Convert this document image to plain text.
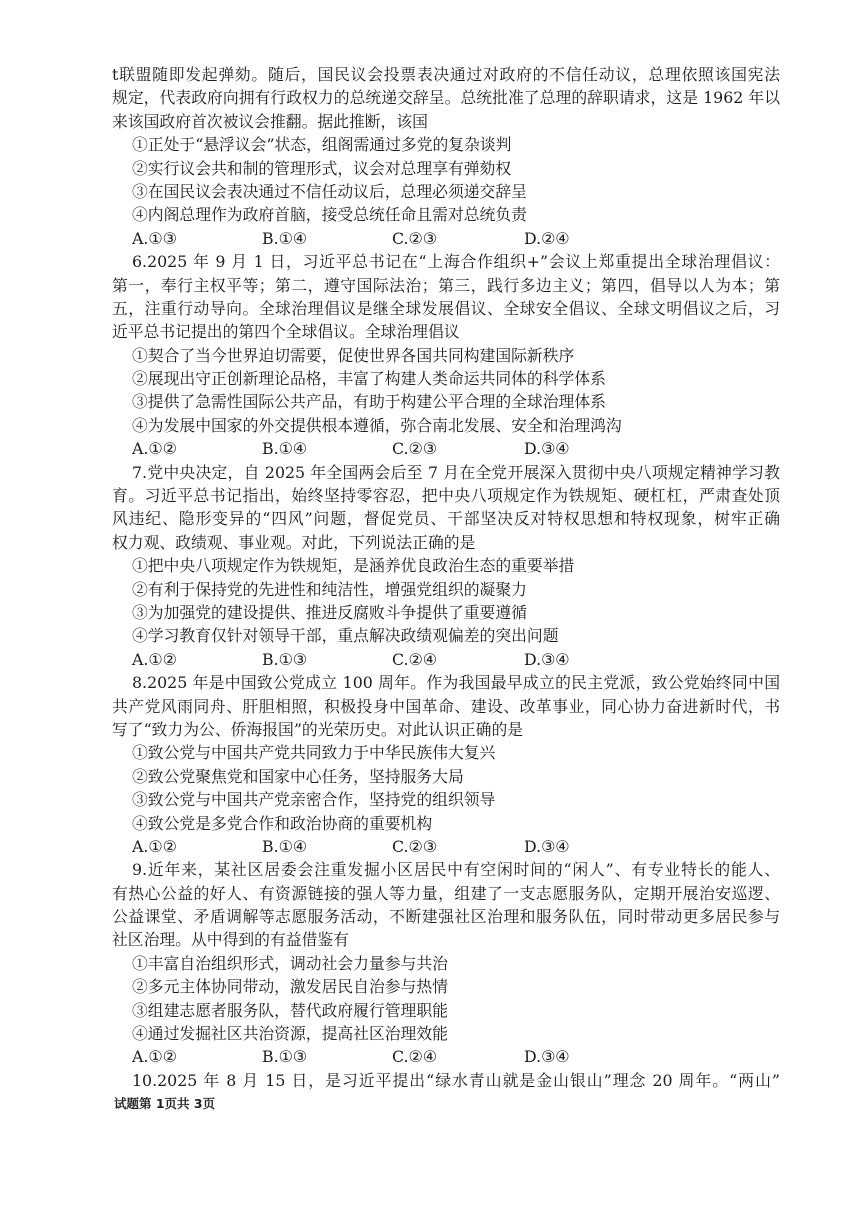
t联盟随即发起弹劾。随后，国民议会投票表决通过对政府的不信任动议，总理依照该国宪法
规定，代表政府向拥有行政权力的总统递交辞呈。总统批准了总理的辞职请求，这是 1962 年以
来该国政府首次被议会推翻。据此推断，该国
①正处于“悬浮议会”状态，组阁需通过多党的复杂谈判
②实行议会共和制的管理形式，议会对总理享有弹劾权
③在国民议会表决通过不信任动议后，总理必须递交辞呈
④内阁总理作为政府首脑，接受总统任命且需对总统负责
A.①③	B.①④	C.②③	D.②④
6.2025 年 9 月 1 日，习近平总书记在“上海合作组织+”会议上郑重提出全球治理倡议：
第一，奉行主权平等；第二，遵守国际法治；第三，践行多边主义；第四，倡导以人为本；第
五，注重行动导向。全球治理倡议是继全球发展倡议、全球安全倡议、全球文明倡议之后，习
近平总书记提出的第四个全球倡议。全球治理倡议
①契合了当今世界迫切需要，促使世界各国共同构建国际新秩序
②展现出守正创新理论品格，丰富了构建人类命运共同体的科学体系
③提供了急需性国际公共产品，有助于构建公平合理的全球治理体系
④为发展中国家的外交提供根本遵循，弥合南北发展、安全和治理鸿沟
A.①②	B.①④	C.②③	D.③④
7.党中央决定，自 2025 年全国两会后至 7 月在全党开展深入贯彻中央八项规定精神学习教
育。习近平总书记指出，始终坚持零容忍，把中央八项规定作为铁规矩、硬杠杠，严肃查处顶
风违纪、隐形变异的“四风”问题，督促党员、干部坚决反对特权思想和特权现象，树牢正确
权力观、政绩观、事业观。对此，下列说法正确的是
①把中央八项规定作为铁规矩，是涵养优良政治生态的重要举措
②有利于保持党的先进性和纯洁性，增强党组织的凝聚力
③为加强党的建设提供、推进反腐败斗争提供了重要遵循
④学习教育仅针对领导干部，重点解决政绩观偏差的突出问题
A.①②	B.①③	C.②④	D.③④
8.2025 年是中国致公党成立 100 周年。作为我国最早成立的民主党派，致公党始终同中国
共产党风雨同舟、肝胆相照，积极投身中国革命、建设、改革事业，同心协力奋进新时代，书
写了“致力为公、侨海报国”的光荣历史。对此认识正确的是
①致公党与中国共产党共同致力于中华民族伟大复兴
②致公党聚焦党和国家中心任务，坚持服务大局
③致公党与中国共产党亲密合作，坚持党的组织领导
④致公党是多党合作和政治协商的重要机构
A.①②	B.①④	C.②③	D.③④
9.近年来，某社区居委会注重发掘小区居民中有空闲时间的“闲人”、有专业特长的能人、
有热心公益的好人、有资源链接的强人等力量，组建了一支志愿服务队，定期开展治安巡逻、
公益课堂、矛盾调解等志愿服务活动，不断建强社区治理和服务队伍，同时带动更多居民参与
社区治理。从中得到的有益借鉴有
①丰富自治组织形式，调动社会力量参与共治
②多元主体协同带动，激发居民自治参与热情
③组建志愿者服务队，替代政府履行管理职能
④通过发掘社区共治资源，提高社区治理效能
A.①②	B.①③	C.②④	D.③④
10.2025 年 8 月 15 日，是习近平提出“绿水青山就是金山银山”理念 20 周年。“两山”
试题第 1页共 3页
